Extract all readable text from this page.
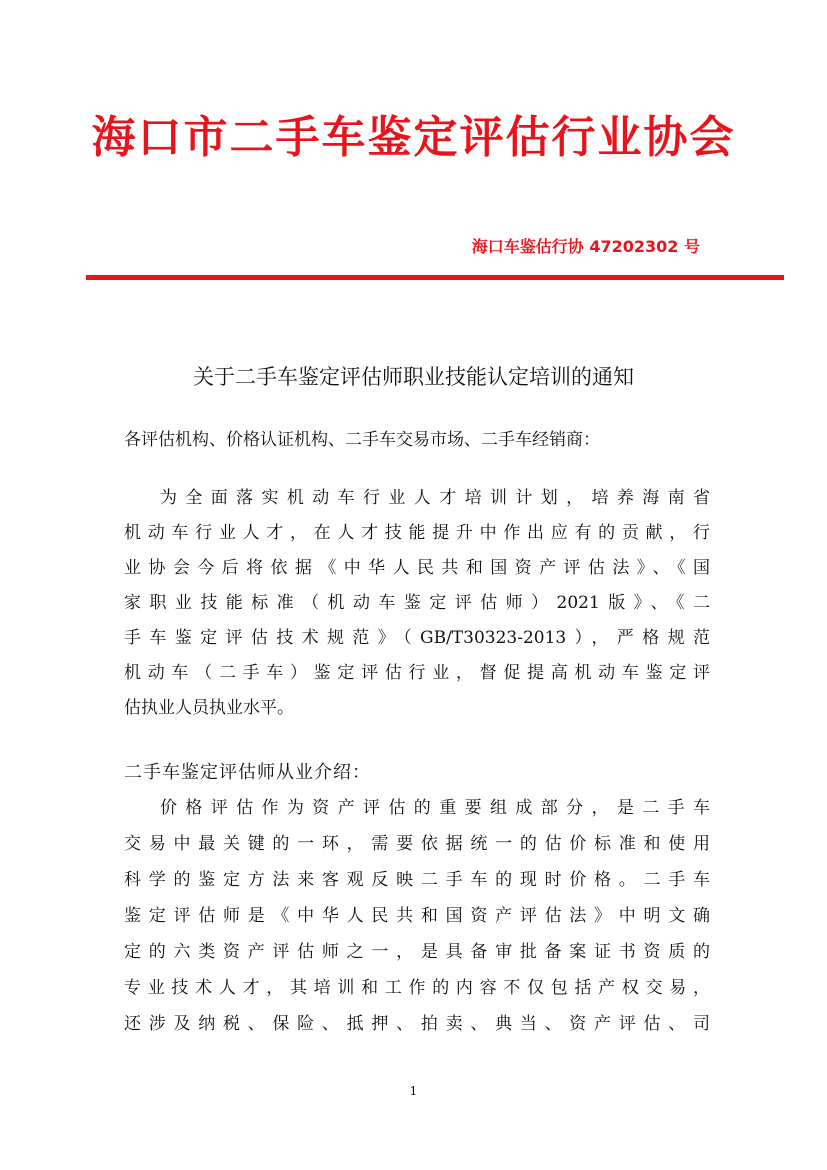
海口市二手车鉴定评估行业协会
海口车鉴估行协 47202302 号
关于二手车鉴定评估师职业技能认定培训的通知
各评估机构、价格认证机构、二手车交易市场、二手车经销商：
为全面落实机动车行业人才培训计划，培养海南省
机动车行业人才，在人才技能提升中作出应有的贡献，行
业协会今后将依据《中华人民共和国资产评估法》、《国
家职业技能标准（机动车鉴定评估师）2021版》、《二
手车鉴定评估技术规范》（GB/T30323-2013），严格规范
机动车（二手车）鉴定评估行业，督促提高机动车鉴定评
估执业人员执业水平。
二手车鉴定评估师从业介绍：
价格评估作为资产评估的重要组成部分，是二手车
交易中最关键的一环，需要依据统一的估价标准和使用
科学的鉴定方法来客观反映二手车的现时价格。二手车
鉴定评估师是《中华人民共和国资产评估法》中明文确
定的六类资产评估师之一，是具备审批备案证书资质的
专业技术人才，其培训和工作的内容不仅包括产权交易，
还涉及纳税、保险、抵押、拍卖、典当、资产评估、司
1
